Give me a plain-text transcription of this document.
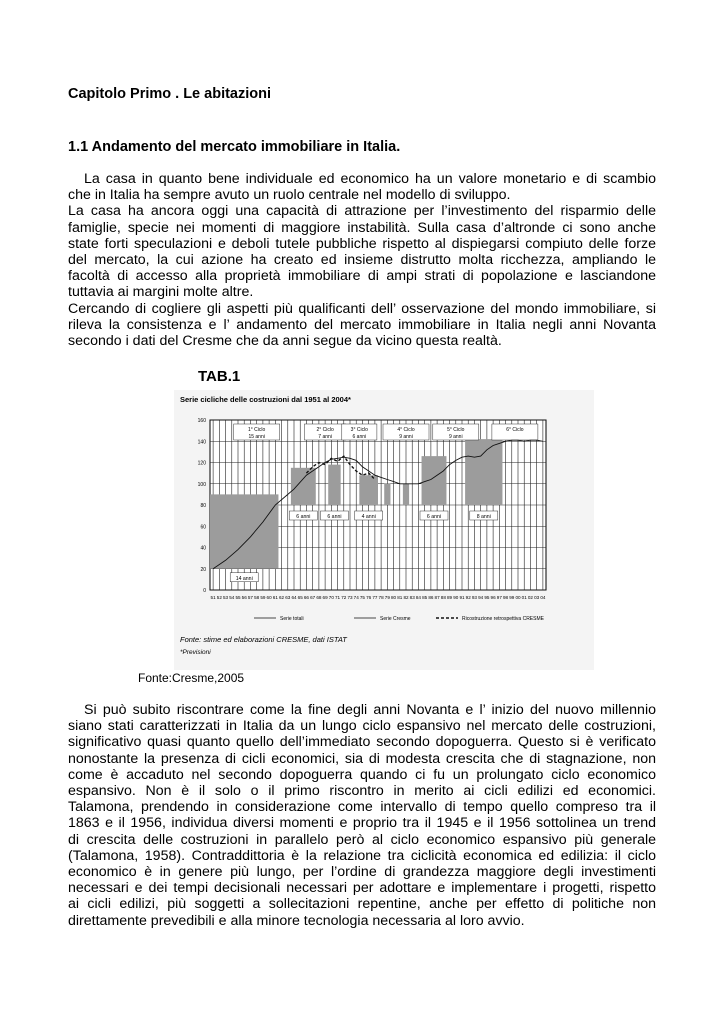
Capitolo Primo . Le abitazioni
1.1 Andamento del mercato immobiliare in Italia.
La casa in quanto bene individuale ed economico ha un valore monetario e di scambio
che in Italia ha sempre avuto un ruolo centrale nel modello di sviluppo.
La casa ha ancora oggi una capacità di attrazione per l’investimento del risparmio delle
famiglie, specie nei momenti di maggiore instabilità. Sulla casa d’altronde ci sono anche
state forti speculazioni e deboli tutele pubbliche rispetto al dispiegarsi compiuto delle forze
del mercato, la cui azione ha creato ed insieme distrutto molta ricchezza, ampliando le
facoltà di accesso alla proprietà immobiliare di ampi strati di popolazione e lasciandone
tuttavia ai margini molte altre.
Cercando di cogliere gli aspetti più qualificanti dell’ osservazione del mondo immobiliare, si
rileva la consistenza e l’ andamento del mercato immobiliare in Italia negli anni Novanta
secondo i dati del Cresme che da anni segue da vicino questa realtà.

TAB.1

Serie cicliche delle costruzioni dal 1951 al 2004*
51 52 53 54 55 56 57 58 59 60 61 62 63 64 65 66 67 68 69 70 71 72 73 74 75 76 77 78 79 80 81 82 83 84 85 86 87 88 89 90 91 92 93 94 95 96 97 98 99 00 01 02 03 04
0
20
40
60
80
100
120
140
160
14 anni
6 anni	6 anni	4 anni	6 anni	8 anni
1° Ciclo
15 anni
2° Ciclo
7 anni
3° Ciclo
6 anni
4° Ciclo
9 anni
5° Ciclo
9 anni
6° Ciclo
Serie totali	Serie Cresme	Ricostruzione retrospettiva CRESME
Fonte: stime ed elaborazioni CRESME, dati ISTAT
*Previsioni

Fonte:Cresme,2005

Si può subito riscontrare come la fine degli anni Novanta e l’ inizio del nuovo millennio
siano stati caratterizzati in Italia da un lungo ciclo espansivo nel mercato delle costruzioni,
significativo quasi quanto quello dell’immediato secondo dopoguerra. Questo si è verificato
nonostante la presenza di cicli economici, sia di modesta crescita che di stagnazione, non
come è accaduto nel secondo dopoguerra quando ci fu un prolungato ciclo economico
espansivo. Non è il solo o il primo riscontro in merito ai cicli edilizi ed economici.
Talamona, prendendo in considerazione come intervallo di tempo quello compreso tra il
1863 e il 1956, individua diversi momenti e proprio tra il 1945 e il 1956 sottolinea un trend
di crescita delle costruzioni in parallelo però al ciclo economico espansivo più generale
(Talamona, 1958). Contraddittoria è la relazione tra ciclicità economica ed edilizia: il ciclo
economico è in genere più lungo, per l’ordine di grandezza maggiore degli investimenti
necessari e dei tempi decisionali necessari per adottare e implementare i progetti, rispetto
ai cicli edilizi, più soggetti a sollecitazioni repentine, anche per effetto di politiche non
direttamente prevedibili e alla minore tecnologia necessaria al loro avvio.
